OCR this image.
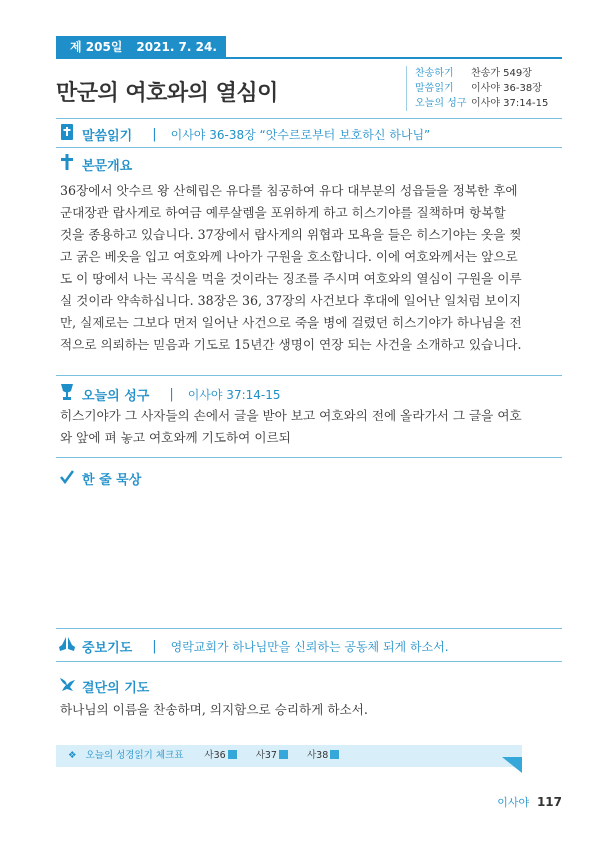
제 205일 2021. 7. 24. 토
만군의 여호와의 열심이
찬송하기	찬송가 549장
말씀읽기	이사야 36-38장
오늘의 성구 이사야 37:14-15
말씀읽기 | 이사야 36-38장 “앗수르로부터 보호하신 하나님”
본문개요
36장에서 앗수르 왕 산헤립은 유다를 침공하여 유다 대부분의 성읍들을 정복한 후에
군대장관 랍사게로 하여금 예루살렘을 포위하게 하고 히스기야를 질책하며 항복할
것을 종용하고 있습니다. 37장에서 랍사게의 위협과 모욕을 들은 히스기야는 옷을 찢
고 굵은 베옷을 입고 여호와께 나아가 구원을 호소합니다. 이에 여호와께서는 앞으로
도 이 땅에서 나는 곡식을 먹을 것이라는 징조를 주시며 여호와의 열심이 구원을 이루
실 것이라 약속하십니다. 38장은 36, 37장의 사건보다 후대에 일어난 일처럼 보이지
만, 실제로는 그보다 먼저 일어난 사건으로 죽을 병에 걸렸던 히스기야가 하나님을 전
적으로 의뢰하는 믿음과 기도로 15년간 생명이 연장 되는 사건을 소개하고 있습니다.
오늘의 성구 | 이사야 37:14-15
히스기야가 그 사자들의 손에서 글을 받아 보고 여호와의 전에 올라가서 그 글을 여호
와 앞에 펴 놓고 여호와께 기도하여 이르되
한 줄 묵상
중보기도 | 영락교회가 하나님만을 신뢰하는 공동체 되게 하소서.
결단의 기도
하나님의 이름을 찬송하며, 의지함으로 승리하게 하소서.
❖ 오늘의 성경읽기 체크표 사36	사37	사38
이사야 117
